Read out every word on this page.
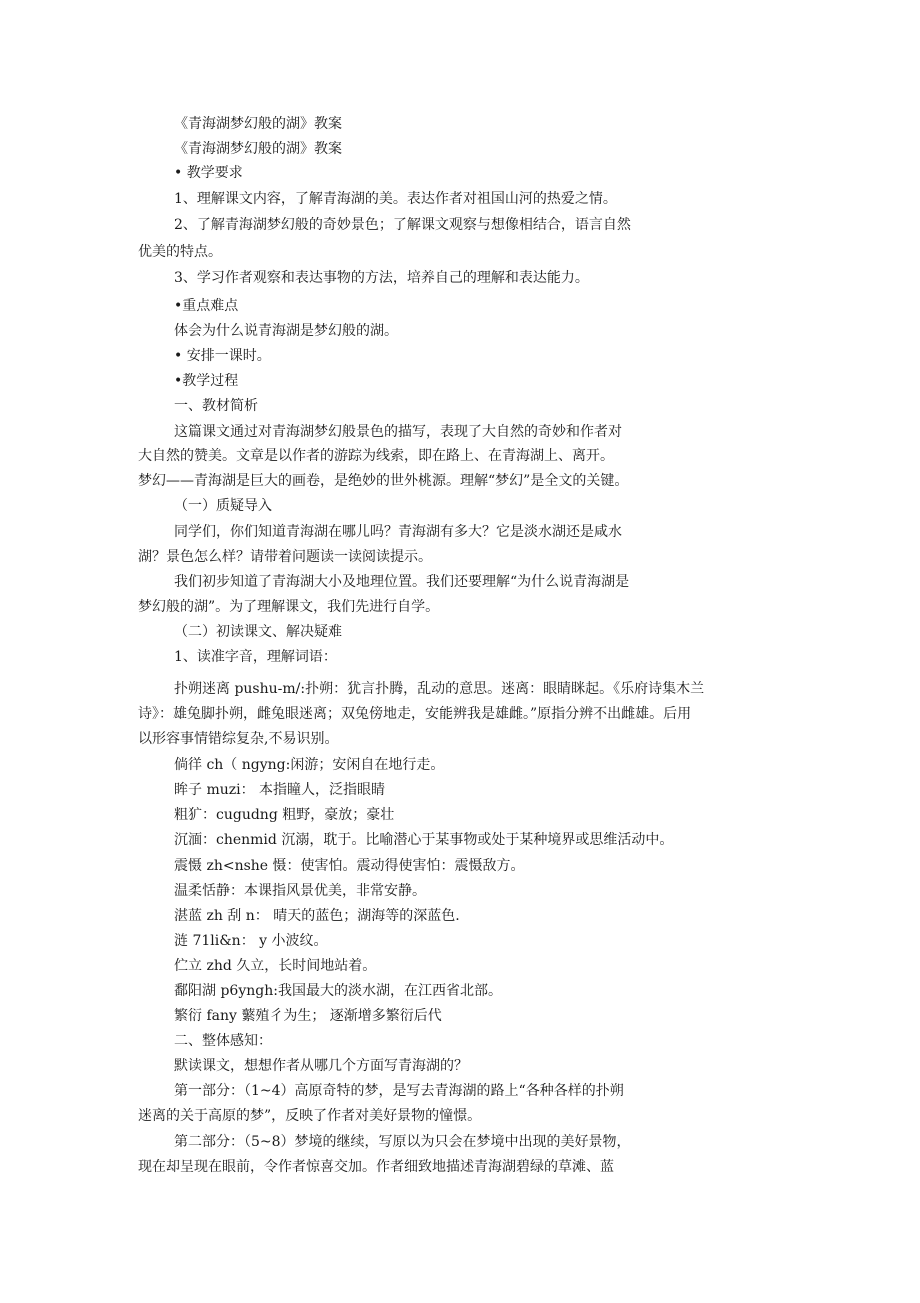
《青海湖梦幻般的湖》教案
《青海湖梦幻般的湖》教案
• 教学要求
1、理解课文内容，了解青海湖的美。表达作者对祖国山河的热爱之情。
2、了解青海湖梦幻般的奇妙景色；了解课文观察与想像相结合，语言自然
优美的特点。
3、学习作者观察和表达事物的方法，培养自己的理解和表达能力。
•重点难点
体会为什么说青海湖是梦幻般的湖。
• 安排一课时。
•教学过程
一、教材简析
这篇课文通过对青海湖梦幻般景色的描写，表现了大自然的奇妙和作者对
大自然的赞美。文章是以作者的游踪为线索，即在路上、在青海湖上、离开。
梦幻——青海湖是巨大的画卷，是绝妙的世外桃源。理解“梦幻”是全文的关键。
（一）质疑导入
同学们，你们知道青海湖在哪儿吗？青海湖有多大？它是淡水湖还是咸水
湖？景色怎么样？请带着问题读一读阅读提示。
我们初步知道了青海湖大小及地理位置。我们还要理解“为什么说青海湖是
梦幻般的湖”。为了理解课文，我们先进行自学。
（二）初读课文、解决疑难
1、读准字音，理解词语：
扑朔迷离 pushu-m/:扑朔：犹言扑腾，乱动的意思。迷离：眼睛眯起。《乐府诗集木兰
诗》：雄兔脚扑朔，雌兔眼迷离；双兔傍地走，安能辨我是雄雌。”原指分辨不出雌雄。后用
以形容事情错综复杂,不易识别。
倘徉 ch（ ngyng:闲游；安闲自在地行走。
眸子 muzi： 本指瞳人，泛指眼睛
粗犷：cugudng 粗野，豪放；豪壮
沉湎：chenmid 沉溺，耽于。比喻潜心于某事物或处于某种境界或思维活动中。
震慑 zh<nshe 慑：使害怕。震动得使害怕：震慑敌方。
温柔恬静：本课指风景优美，非常安静。
湛蓝 zh 刮 n： 晴天的蓝色；湖海等的深蓝色.
涟 71li&n： y 小波纹。
伫立 zhd 久立，长时间地站着。
鄱阳湖 p6yngh:我国最大的淡水湖，在江西省北部。
繁衍 fany 蘩殖彳为生； 逐渐增多繁衍后代
二、整体感知：
默读课文，想想作者从哪几个方面写青海湖的？
第一部分：（1~4）高原奇特的梦，是写去青海湖的路上“各种各样的扑朔
迷离的关于高原的梦”，反映了作者对美好景物的憧憬。
第二部分：（5~8）梦境的继续，写原以为只会在梦境中出现的美好景物，
现在却呈现在眼前，令作者惊喜交加。作者细致地描述青海湖碧绿的草滩、蓝
